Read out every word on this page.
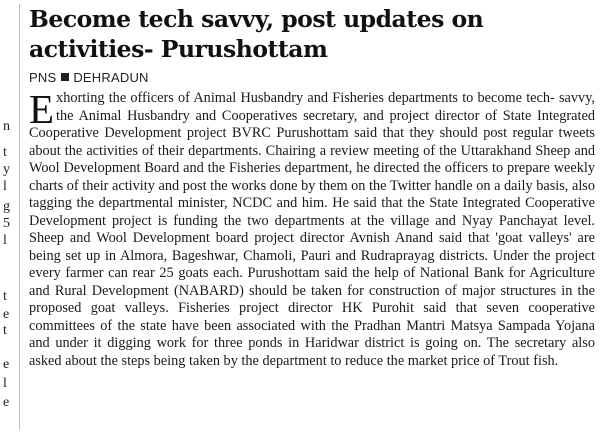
n
t
y
l
g
5
l
t
e
t
e
l
e
Become tech savvy, post updates on activities- Purushottam
PNS DEHRADUN
Exhorting the officers of Animal Husbandry and Fisheries departments to become tech- savvy, the Animal Husbandry and Cooperatives secretary, and project director of State Integrated Cooperative Development project BVRC Purushottam said that they should post regular tweets about the activities of their departments. Chairing a review meeting of the Uttarakhand Sheep and Wool Development Board and the Fisheries department, he directed the officers to prepare weekly charts of their activity and post the works done by them on the Twitter handle on a daily basis, also tagging the departmental minister, NCDC and him. He said that the State Integrated Cooperative Development project is funding the two departments at the village and Nyay Panchayat level. Sheep and Wool Development board project director Avnish Anand said that 'goat valleys' are being set up in Almora, Bageshwar, Chamoli, Pauri and Rudraprayag districts. Under the project every farmer can rear 25 goats each. Purushottam said the help of National Bank for Agriculture and Rural Development (NABARD) should be taken for construction of major structures in the proposed goat valleys. Fisheries project director HK Purohit said that seven cooperative committees of the state have been associated with the Pradhan Mantri Matsya Sampada Yojana and under it digging work for three ponds in Haridwar district is going on. The secretary also asked about the steps being taken by the department to reduce the market price of Trout fish.
